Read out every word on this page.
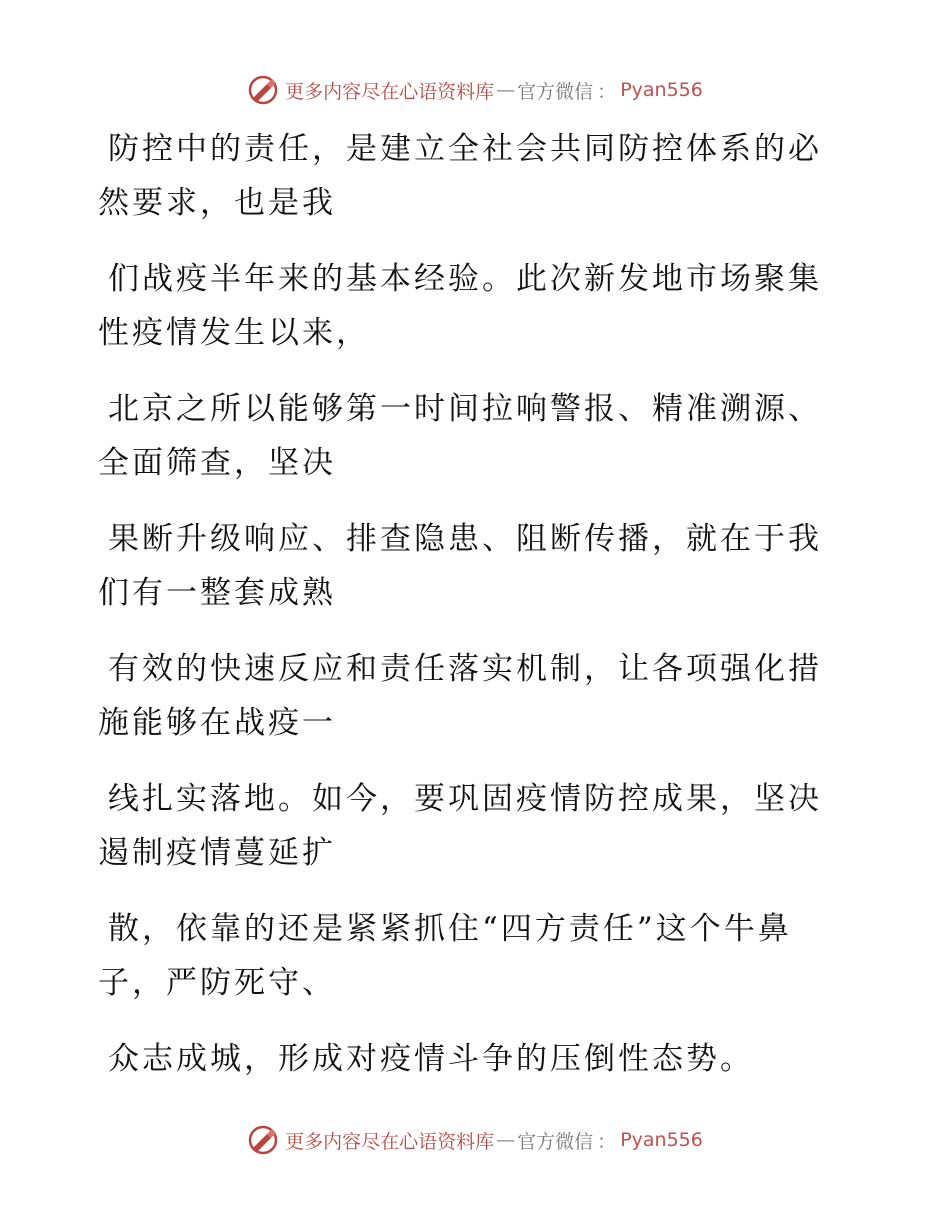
更多内容尽在心语资料库 — 官方微信 ： Pyan556

防控中的责任，是建立全社会共同防控体系的必
然要求，也是我

们战疫半年来的基本经验。此次新发地市场聚集
性疫情发生以来，

北京之所以能够第一时间拉响警报、精准溯源、
全面筛查，坚决

果断升级响应、排查隐患、阻断传播，就在于我
们有一整套成熟

有效的快速反应和责任落实机制，让各项强化措
施能够在战疫一

线扎实落地。如今，要巩固疫情防控成果，坚决
遏制疫情蔓延扩

散，依靠的还是紧紧抓住“四方责任”这个牛鼻
子，严防死守、

众志成城，形成对疫情斗争的压倒性态势。

更多内容尽在心语资料库 — 官方微信 ： Pyan556
